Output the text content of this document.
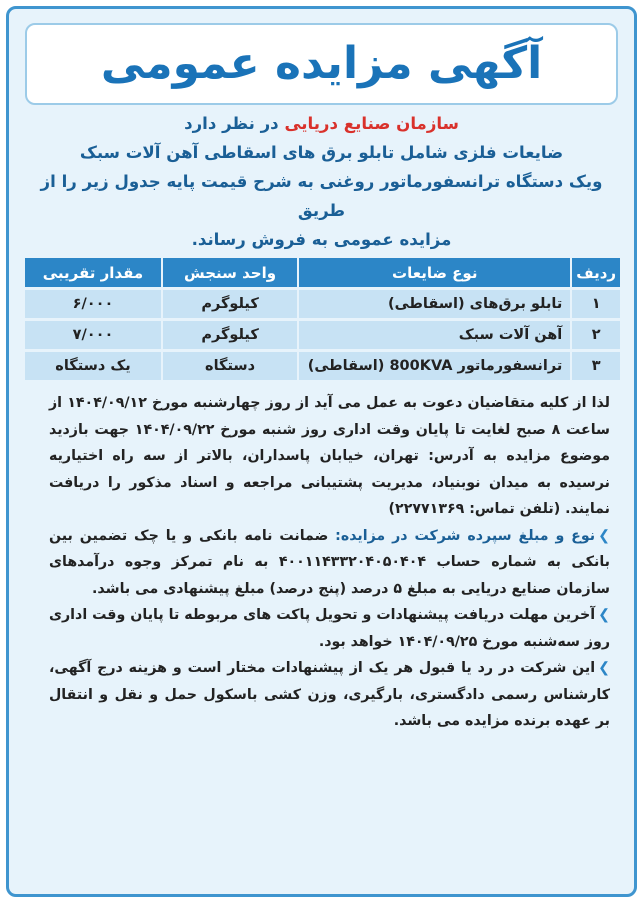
آگهی مزایده عمومی
سازمان صنایع دریایی در نظر دارد
ضایعات فلزی شامل تابلو برق های اسقاطی آهن آلات سبک
ویک دستگاه ترانسفورماتور روغنی به شرح قیمت پایه جدول زیر را از طریق
مزایده عمومی به فروش رساند.
ردیف	نوع ضایعات	واحد سنجش	مقدار تقریبی
۱	تابلو برق‌های (اسقاطی)	کیلوگرم	۶/۰۰۰
۲	آهن آلات سبک	کیلوگرم	۷/۰۰۰
۳	ترانسفورماتور 800KVA (اسقاطی)	دستگاه	یک دستگاه

لذا از کلیه متقاضیان دعوت به عمل می آید از روز چهارشنبه مورخ ۱۴۰۴/۰۹/۱۲ از ساعت ۸ صبح لغایت تا پایان وقت اداری روز شنبه مورخ ۱۴۰۴/۰۹/۲۲ جهت بازدید موضوع مزایده به آدرس: تهران، خیابان پاسداران، بالاتر از سه راه اختیاریه نرسیده به میدان نوبنیاد، مدیریت پشتیبانی مراجعه و اسناد مذکور را دریافت نمایند. (تلفن تماس: ۲۲۷۷۱۳۶۹)

❯نوع و مبلغ سپرده شرکت در مزایده: ضمانت نامه بانکی و یا چک تضمین بین بانکی به شماره حساب ۴۰۰۱۱۴۳۳۲۰۴۰۵۰۴۰۴ به نام تمرکز وجوه درآمدهای سازمان صنایع دریایی به مبلغ ۵ درصد (پنج درصد) مبلغ پیشنهادی می باشد.

❯آخرین مهلت دریافت پیشنهادات و تحویل پاکت های مربوطه تا پایان وقت اداری روز سه‌شنبه مورخ ۱۴۰۴/۰۹/۲۵ خواهد بود.

❯این شرکت در رد یا قبول هر یک از پیشنهادات مختار است و هزینه درج آگهی، کارشناس رسمی دادگستری، بارگیری، وزن کشی باسکول حمل و نقل و انتقال بر عهده برنده مزایده می باشد.
